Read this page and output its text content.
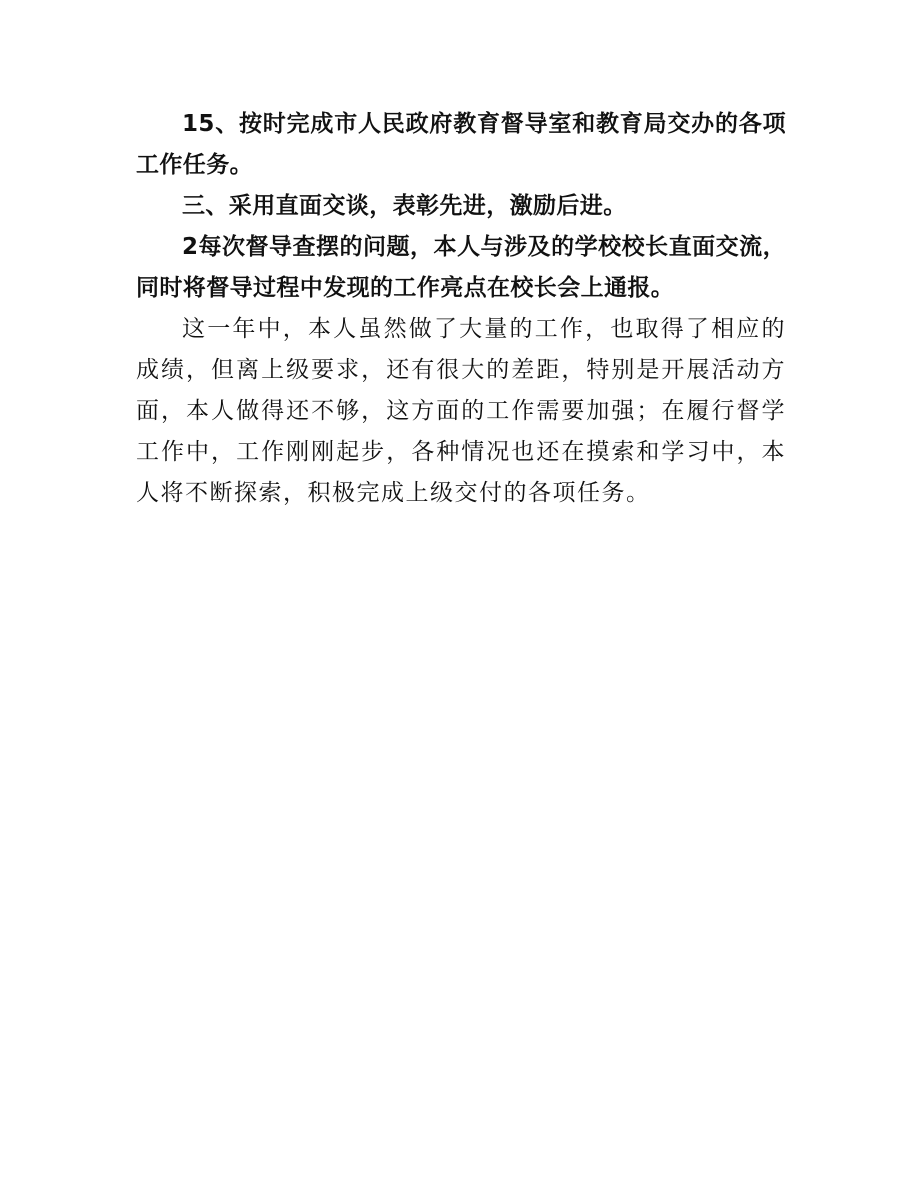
15、按时完成市人民政府教育督导室和教育局交办的各项工作任务。

三、采用直面交谈，表彰先进，激励后进。

2每次督导查摆的问题，本人与涉及的学校校长直面交流，同时将督导过程中发现的工作亮点在校长会上通报。

这一年中，本人虽然做了大量的工作，也取得了相应的成绩，但离上级要求，还有很大的差距，特别是开展活动方面，本人做得还不够，这方面的工作需要加强；在履行督学工作中，工作刚刚起步，各种情况也还在摸索和学习中，本人将不断探索，积极完成上级交付的各项任务。
